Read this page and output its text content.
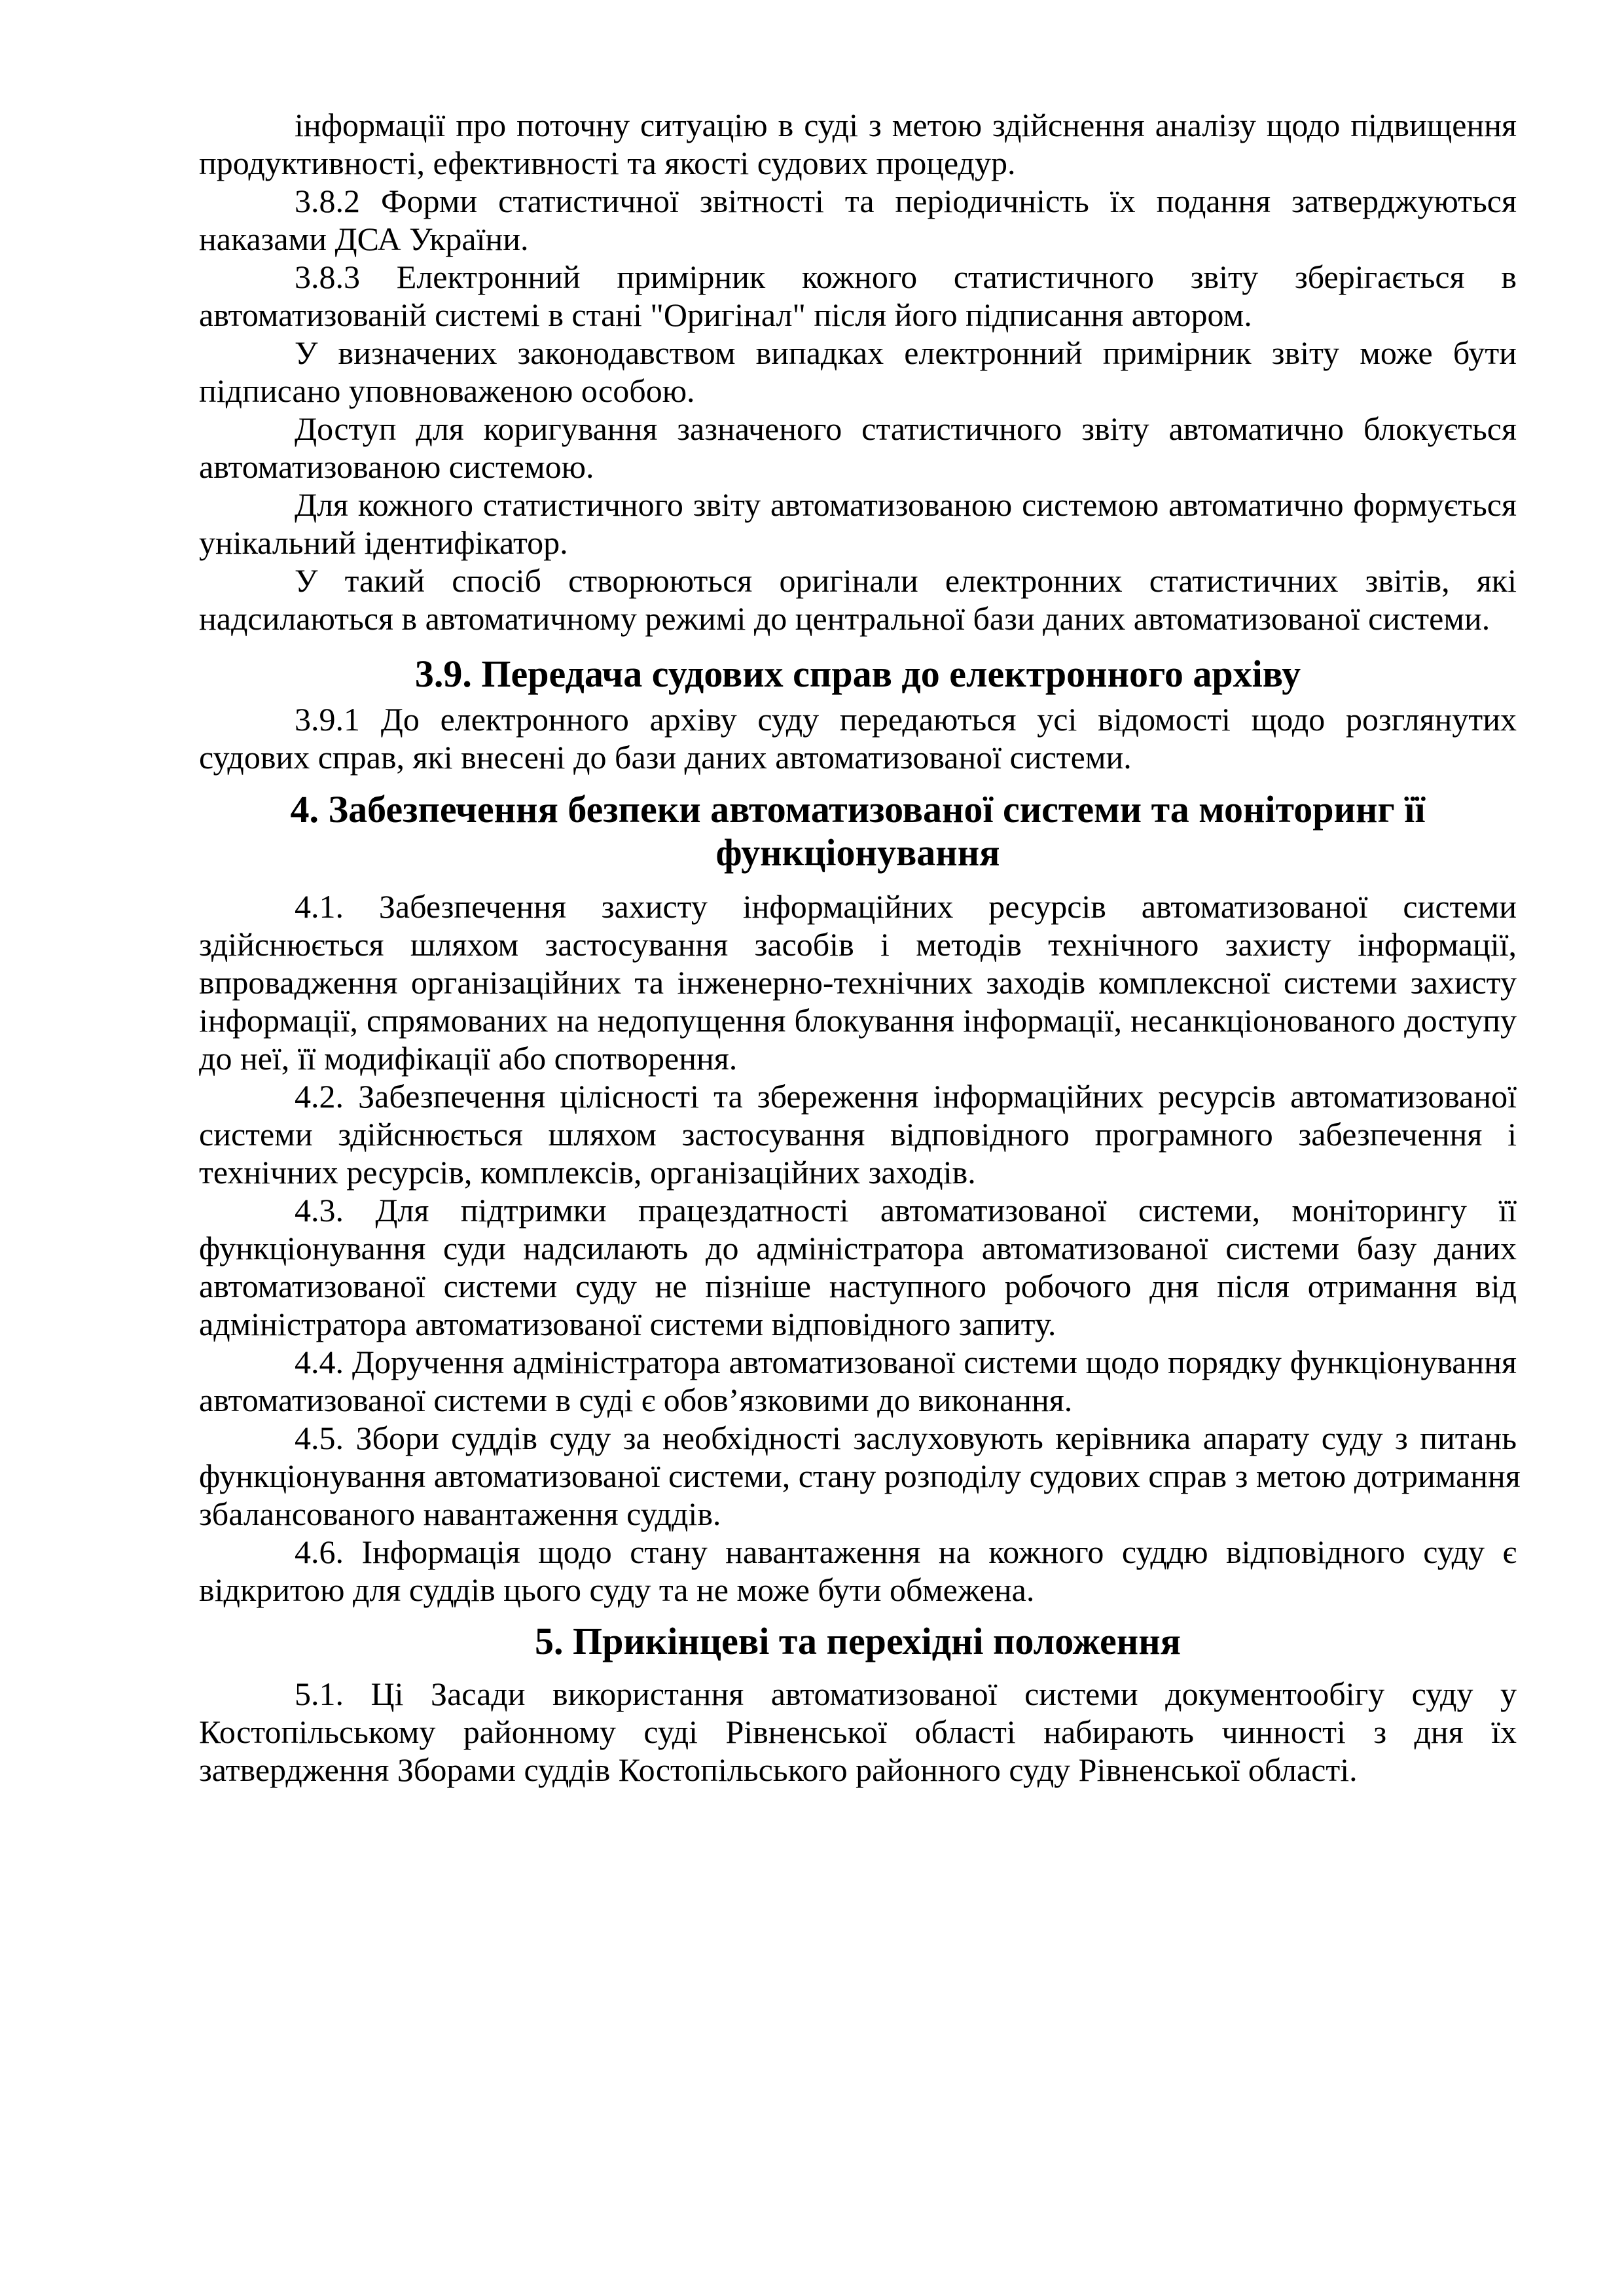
інформації про поточну ситуацію в суді з метою здійснення аналізу щодо підвищення
продуктивності, ефективності та якості судових процедур.
3.8.2 Форми статистичної звітності та періодичність їх подання затверджуються
наказами ДСА України.
3.8.3 Електронний примірник кожного статистичного звіту зберігається в
автоматизованій системі в стані "Оригінал" після його підписання автором.
У визначених законодавством випадках електронний примірник звіту може бути
підписано уповноваженою особою.
Доступ для коригування зазначеного статистичного звіту автоматично блокується
автоматизованою системою.
Для кожного статистичного звіту автоматизованою системою автоматично формується
унікальний ідентифікатор.
У такий спосіб створюються оригінали електронних статистичних звітів, які
надсилаються в автоматичному режимі до центральної бази даних автоматизованої системи.
3.9. Передача судових справ до електронного архіву
3.9.1 До електронного архіву суду передаються усі відомості щодо розглянутих
судових справ, які внесені до бази даних автоматизованої системи.
4. Забезпечення безпеки автоматизованої системи та моніторинг її
функціонування
4.1. Забезпечення захисту інформаційних ресурсів автоматизованої системи
здійснюється шляхом застосування засобів і методів технічного захисту інформації,
впровадження організаційних та інженерно-технічних заходів комплексної системи захисту
інформації, спрямованих на недопущення блокування інформації, несанкціонованого доступу
до неї, її модифікації або спотворення.
4.2. Забезпечення цілісності та збереження інформаційних ресурсів автоматизованої
системи здійснюється шляхом застосування відповідного програмного забезпечення і
технічних ресурсів, комплексів, організаційних заходів.
4.3. Для підтримки працездатності автоматизованої системи, моніторингу її
функціонування суди надсилають до адміністратора автоматизованої системи базу даних
автоматизованої системи суду не пізніше наступного робочого дня після отримання від
адміністратора автоматизованої системи відповідного запиту.
4.4. Доручення адміністратора автоматизованої системи щодо порядку функціонування
автоматизованої системи в суді є обов’язковими до виконання.
4.5. Збори суддів суду за необхідності заслуховують керівника апарату суду з питань
функціонування автоматизованої системи, стану розподілу судових справ з метою дотримання
збалансованого навантаження суддів.
4.6. Інформація щодо стану навантаження на кожного суддю відповідного суду є
відкритою для суддів цього суду та не може бути обмежена.
5. Прикінцеві та перехідні положення
5.1. Ці Засади використання автоматизованої системи документообігу суду у
Костопільському районному суді Рівненської області набирають чинності з дня їх
затвердження Зборами суддів Костопільського районного суду Рівненської області.
